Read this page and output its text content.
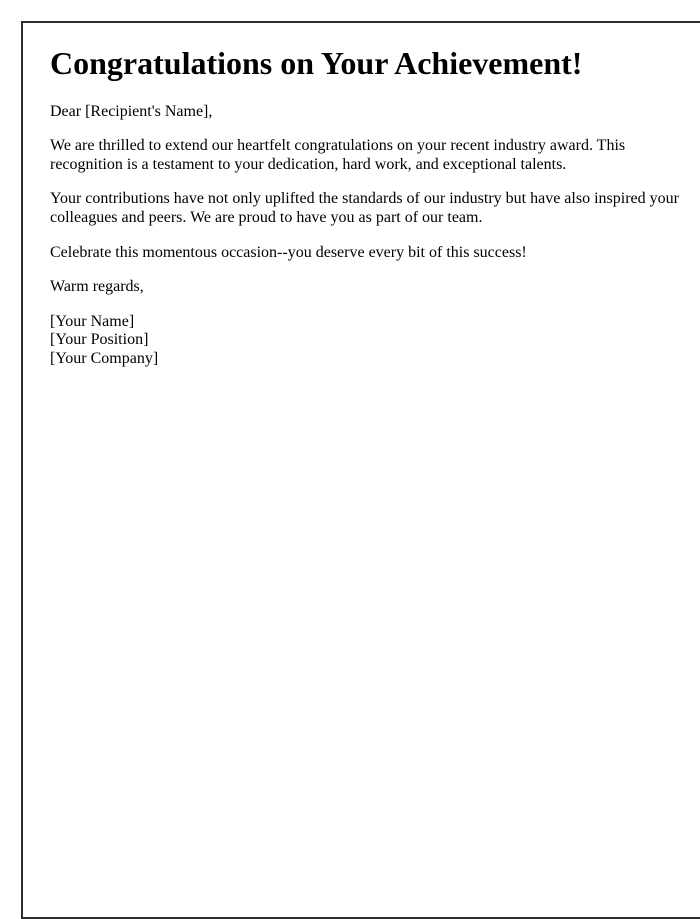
Congratulations on Your Achievement!

Dear [Recipient's Name],

We are thrilled to extend our heartfelt congratulations on your recent industry award. This recognition is a testament to your dedication, hard work, and exceptional talents.

Your contributions have not only uplifted the standards of our industry but have also inspired your colleagues and peers. We are proud to have you as part of our team.

Celebrate this momentous occasion--you deserve every bit of this success!

Warm regards,

[Your Name]
[Your Position]
[Your Company]
